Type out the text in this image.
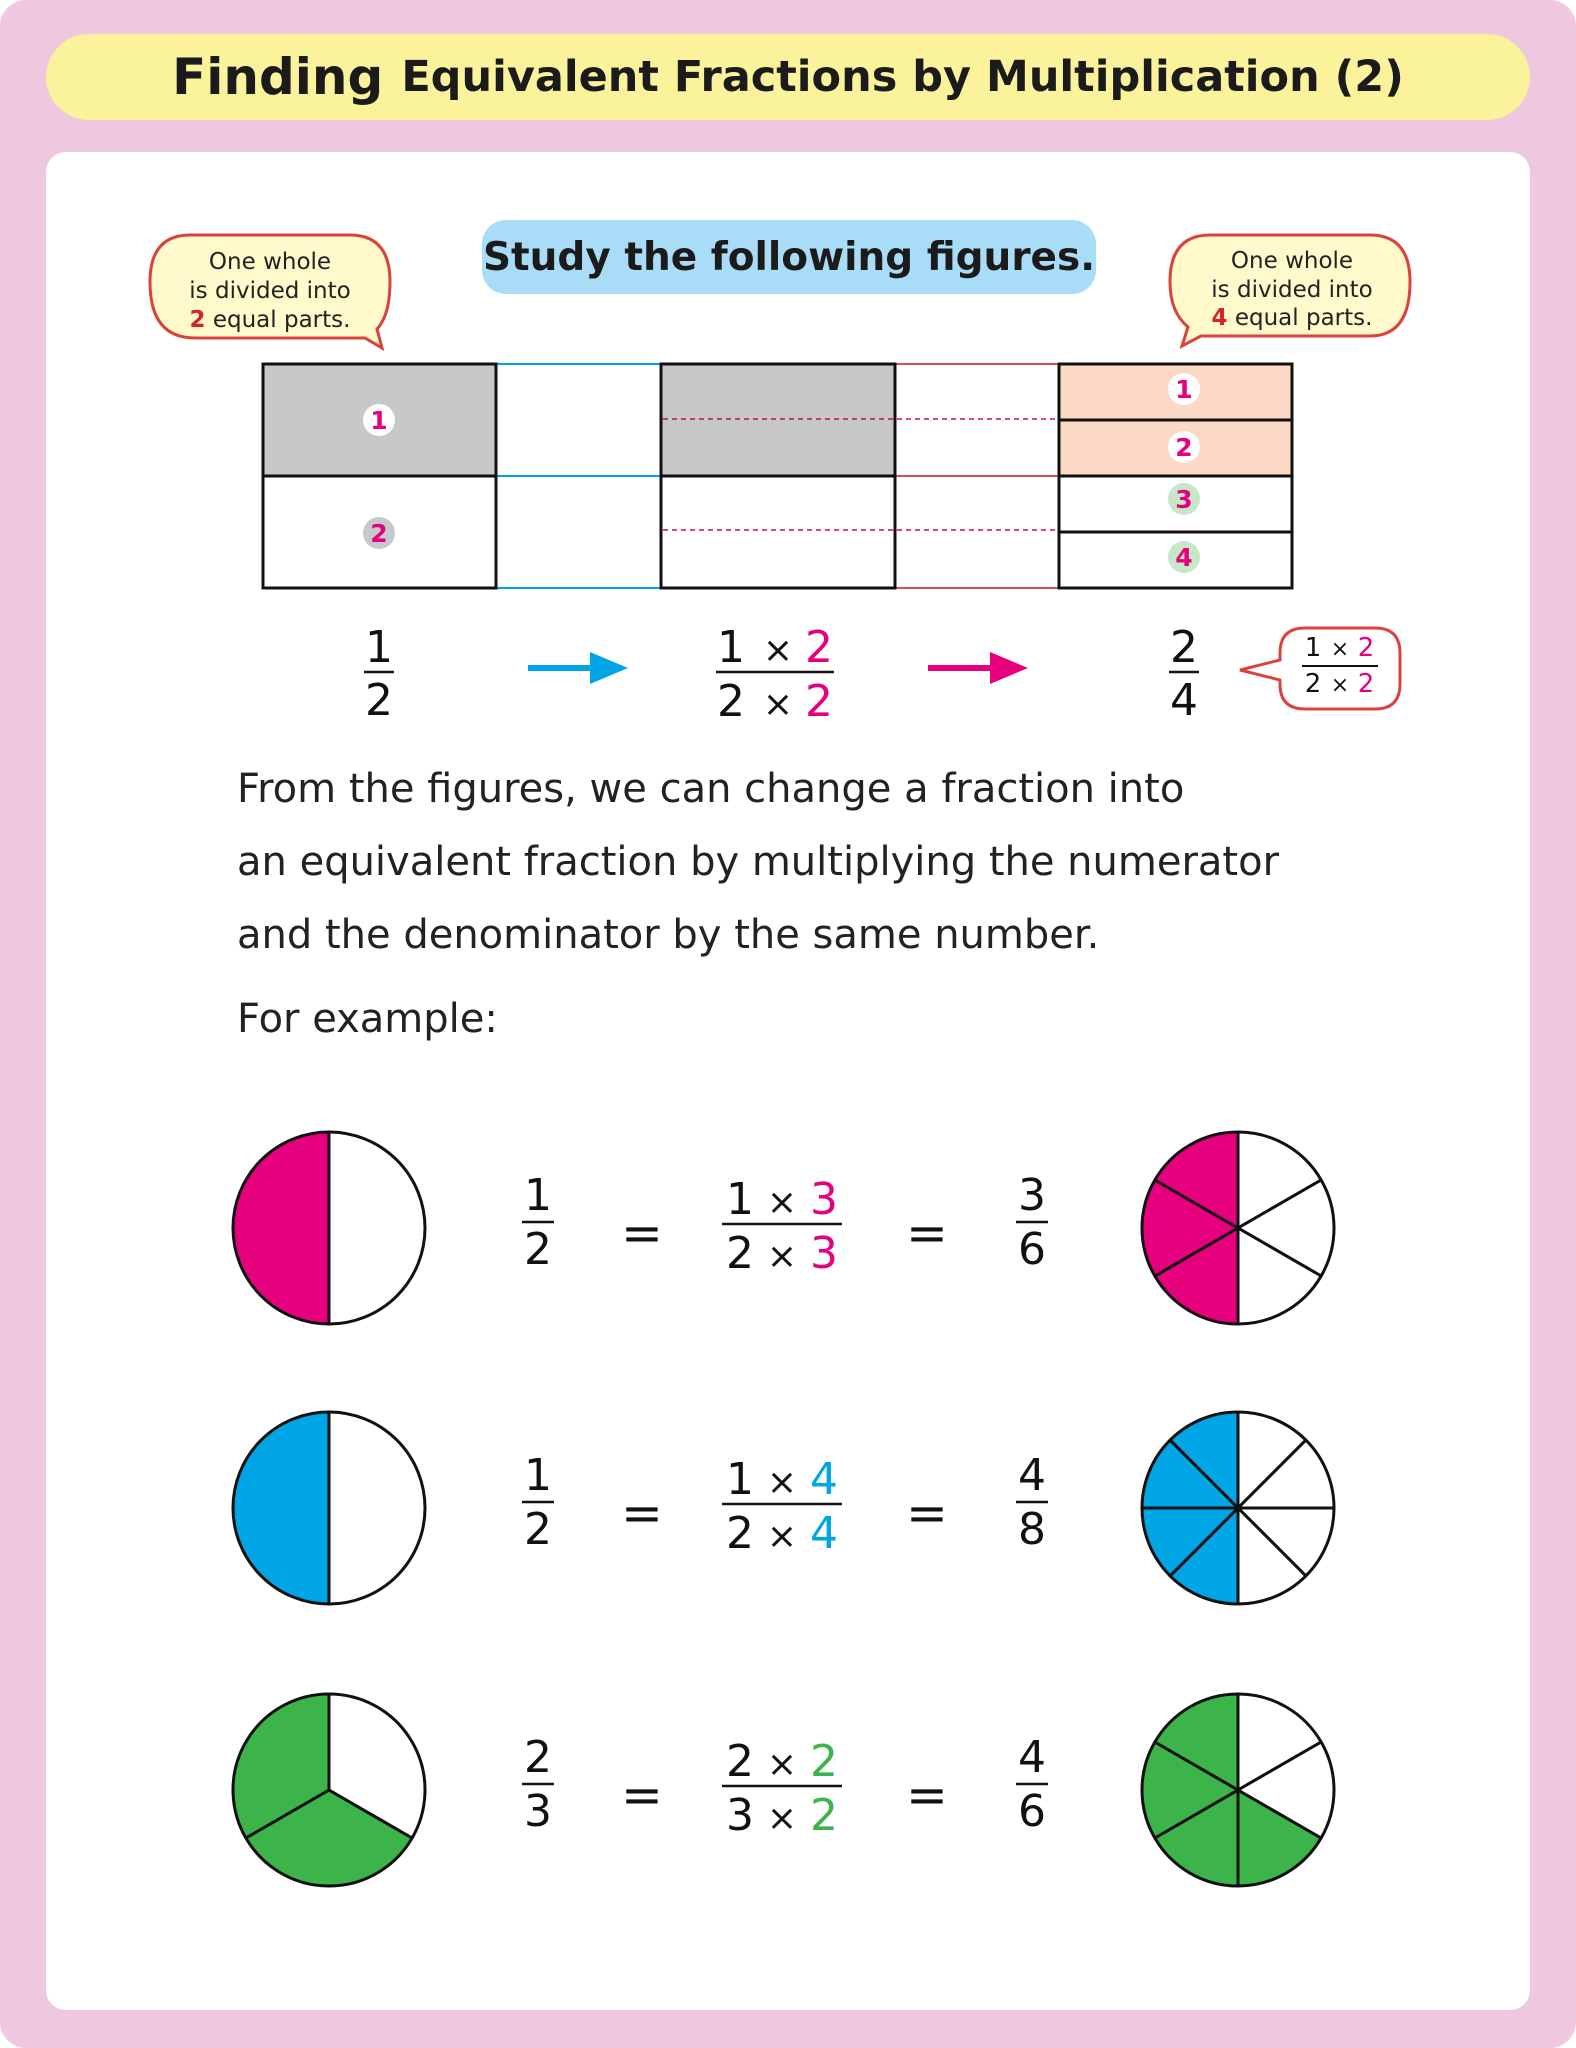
Finding Equivalent Fractions by Multiplication (2)
Study the following figures.
One whole
is divided into
2 equal parts.
One whole
is divided into
4 equal parts.
1
2
1
2
3
4
1
2
1 × 2
2 × 2
2
4
1 × 2
2 × 2
1
2 =
1 × 3
2 × 3 =
3
6
1
2 =
1 × 4
2 × 4 =
4
8
2
3 =
2 × 2
3 × 2 =
4
6
From the figures, we can change a fraction into
an equivalent fraction by multiplying the numerator
and the denominator by the same number.
For example:
